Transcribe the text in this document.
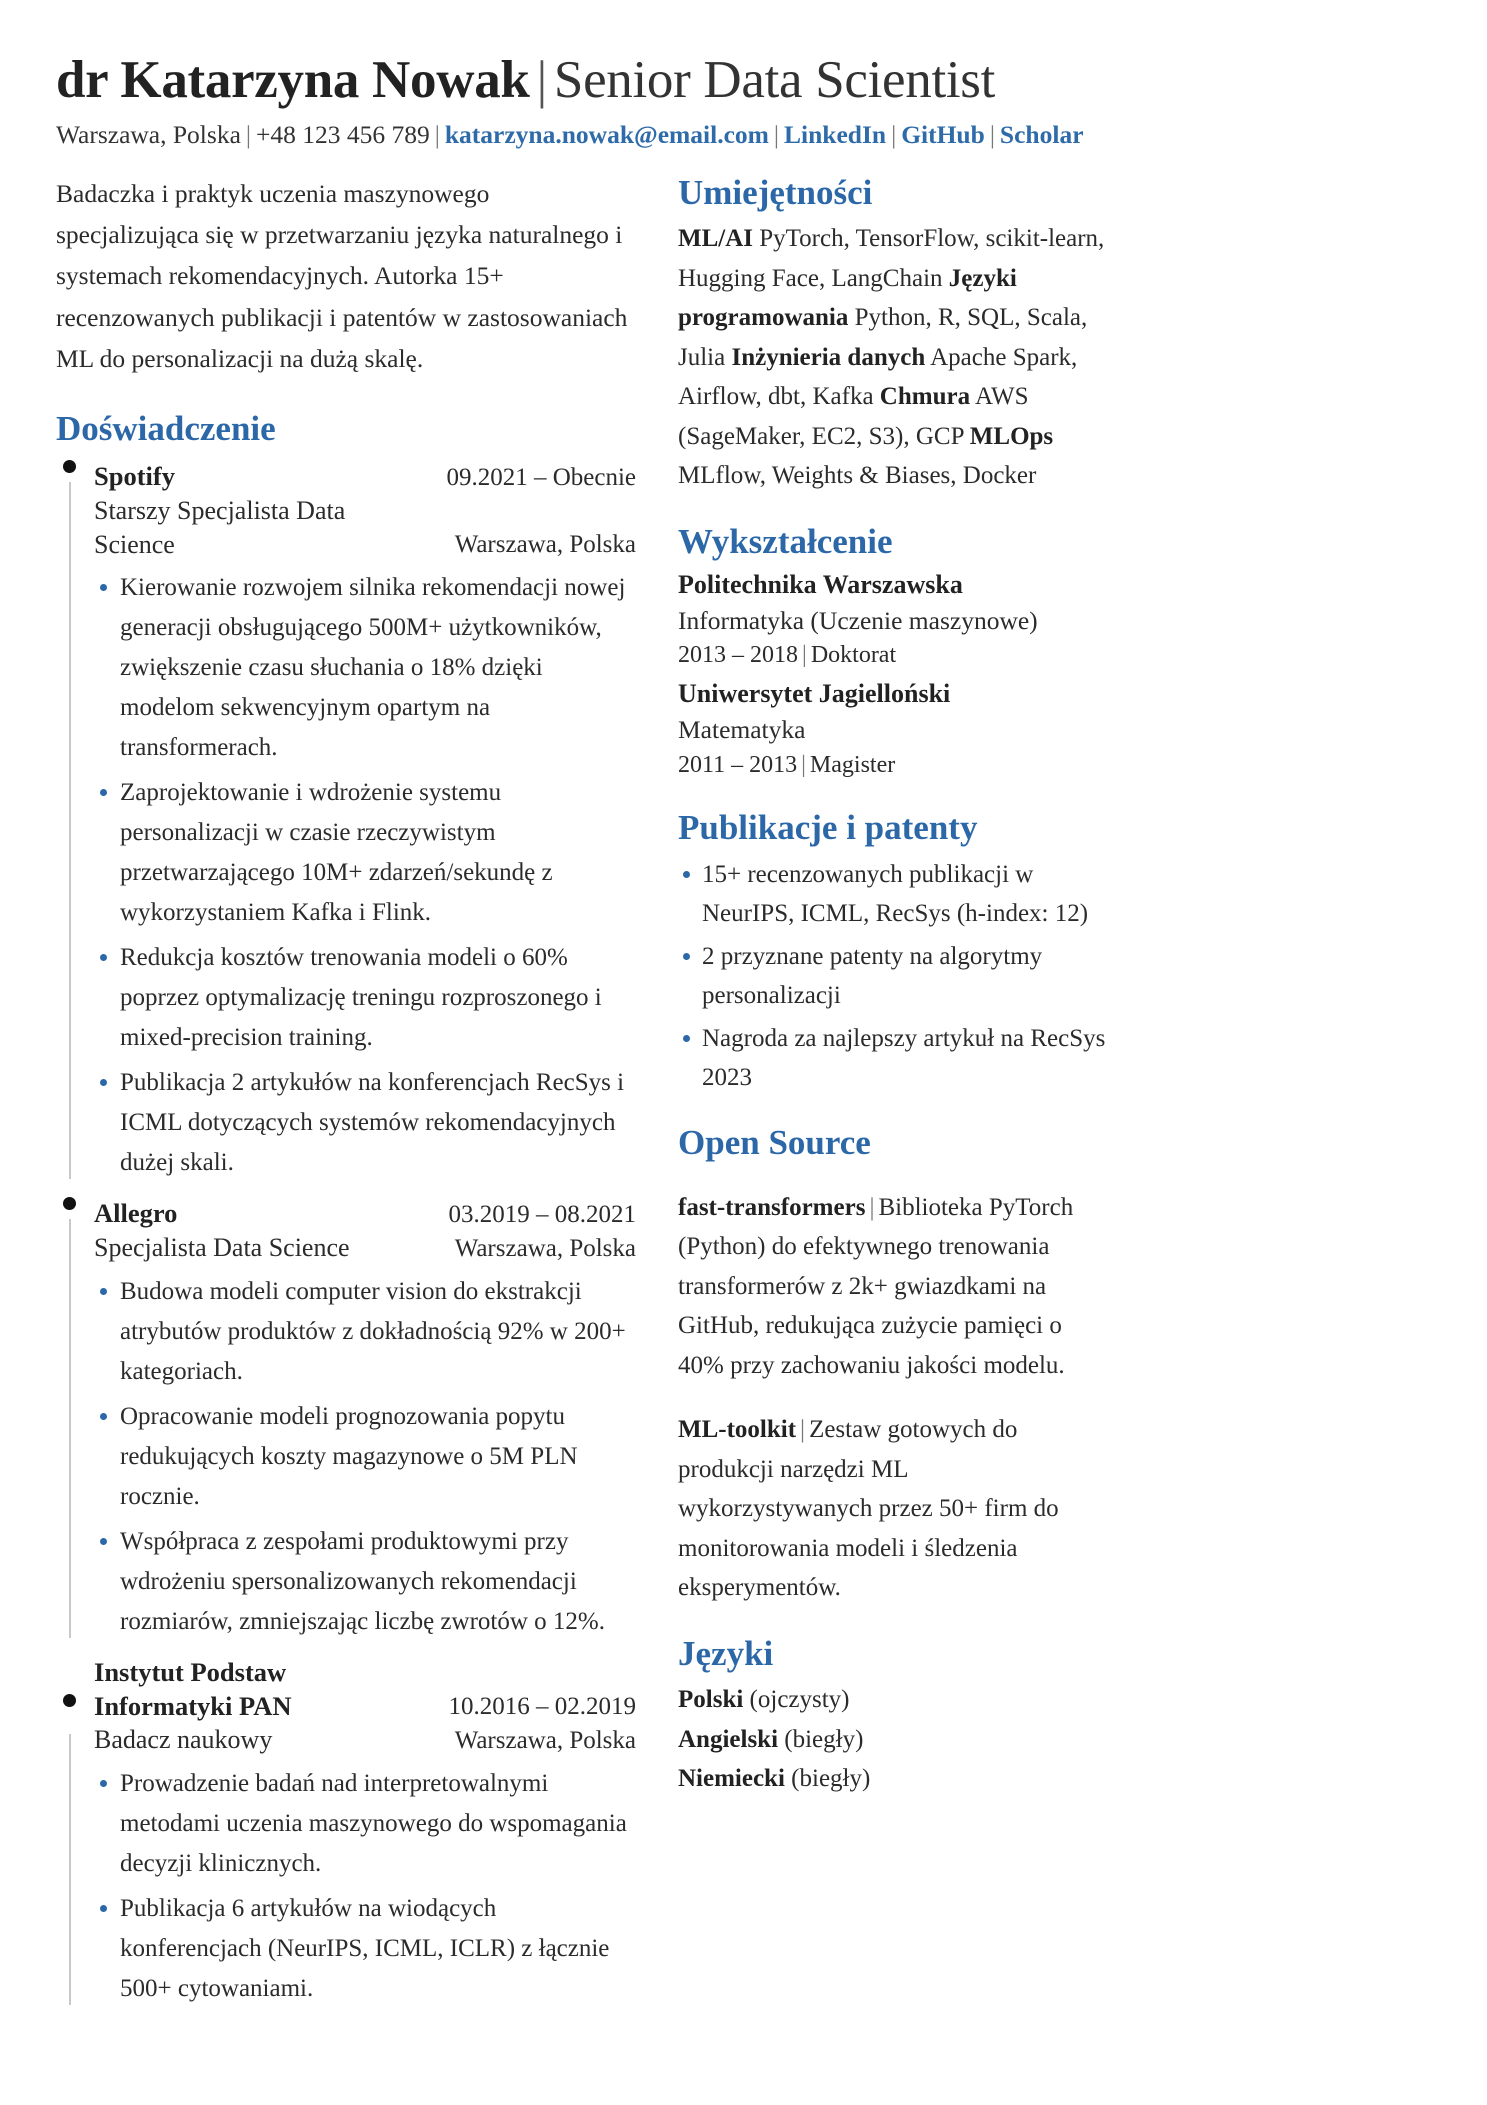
dr Katarzyna Nowak | Senior Data Scientist
Warszawa, Polska | +48 123 456 789 | katarzyna.nowak@email.com | LinkedIn | GitHub | Scholar

Badaczka i praktyk uczenia maszynowego specjalizująca się w przetwarzaniu języka naturalnego i systemach rekomendacyjnych. Autorka 15+ recenzowanych publikacji i patentów w zastosowaniach ML do personalizacji na dużą skalę.

Doświadczenie
Spotify	09.2021 – Obecnie
Starszy Specjalista Data Science	Warszawa, Polska
Kierowanie rozwojem silnika rekomendacji nowej generacji obsługującego 500M+ użytkowników, zwiększenie czasu słuchania o 18% dzięki modelom sekwencyjnym opartym na transformerach.
Zaprojektowanie i wdrożenie systemu personalizacji w czasie rzeczywistym przetwarzającego 10M+ zdarzeń/sekundę z wykorzystaniem Kafka i Flink.
Redukcja kosztów trenowania modeli o 60% poprzez optymalizację treningu rozproszonego i mixed-precision training.
Publikacja 2 artykułów na konferencjach RecSys i ICML dotyczących systemów rekomendacyjnych dużej skali.
Allegro	03.2019 – 08.2021
Specjalista Data Science	Warszawa, Polska
Budowa modeli computer vision do ekstrakcji atrybutów produktów z dokładnością 92% w 200+ kategoriach.
Opracowanie modeli prognozowania popytu redukujących koszty magazynowe o 5M PLN rocznie.
Współpraca z zespołami produktowymi przy wdrożeniu spersonalizowanych rekomendacji rozmiarów, zmniejszając liczbę zwrotów o 12%.
Instytut Podstaw Informatyki PAN	10.2016 – 02.2019
Badacz naukowy	Warszawa, Polska
Prowadzenie badań nad interpretowalnymi metodami uczenia maszynowego do wspomagania decyzji klinicznych.
Publikacja 6 artykułów na wiodących konferencjach (NeurIPS, ICML, ICLR) z łącznie 500+ cytowaniami.
Umiejętności

ML/AI PyTorch, TensorFlow, scikit-learn, Hugging Face, LangChain Języki programowania Python, R, SQL, Scala, Julia Inżynieria danych Apache Spark, Airflow, dbt, Kafka Chmura AWS (SageMaker, EC2, S3), GCP MLOps MLflow, Weights & Biases, Docker

Wykształcenie
Politechnika Warszawska
Informatyka (Uczenie maszynowe)
2013 – 2018 | Doktorat
Uniwersytet Jagielloński
Matematyka
2011 – 2013 | Magister
Publikacje i patenty
15+ recenzowanych publikacji w NeurIPS, ICML, RecSys (h-index: 12)
2 przyznane patenty na algorytmy personalizacji
Nagroda za najlepszy artykuł na RecSys 2023
Open Source

fast-transformers | Biblioteka PyTorch (Python) do efektywnego trenowania transformerów z 2k+ gwiazdkami na GitHub, redukująca zużycie pamięci o 40% przy zachowaniu jakości modelu.

ML-toolkit | Zestaw gotowych do produkcji narzędzi ML wykorzystywanych przez 50+ firm do monitorowania modeli i śledzenia eksperymentów.

Języki
Polski (ojczysty)
Angielski (biegły)
Niemiecki (biegły)
